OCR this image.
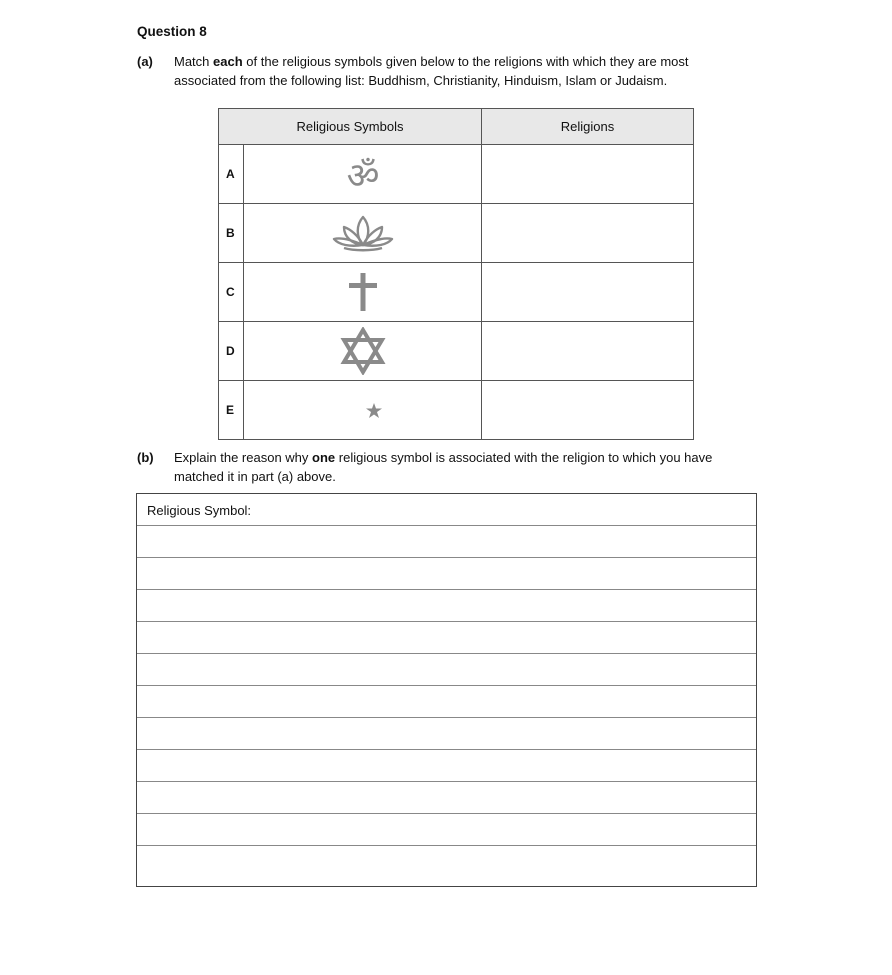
Question 8
(a) Match each of the religious symbols given below to the religions with which they are most associated from the following list: Buddhism, Christianity, Hinduism, Islam or Judaism.
Religious Symbols		Religions
A	ॐ	

B	

C	

D	

E	

(b) Explain the reason why one religious symbol is associated with the religion to which you have matched it in part (a) above.
Religious Symbol:
